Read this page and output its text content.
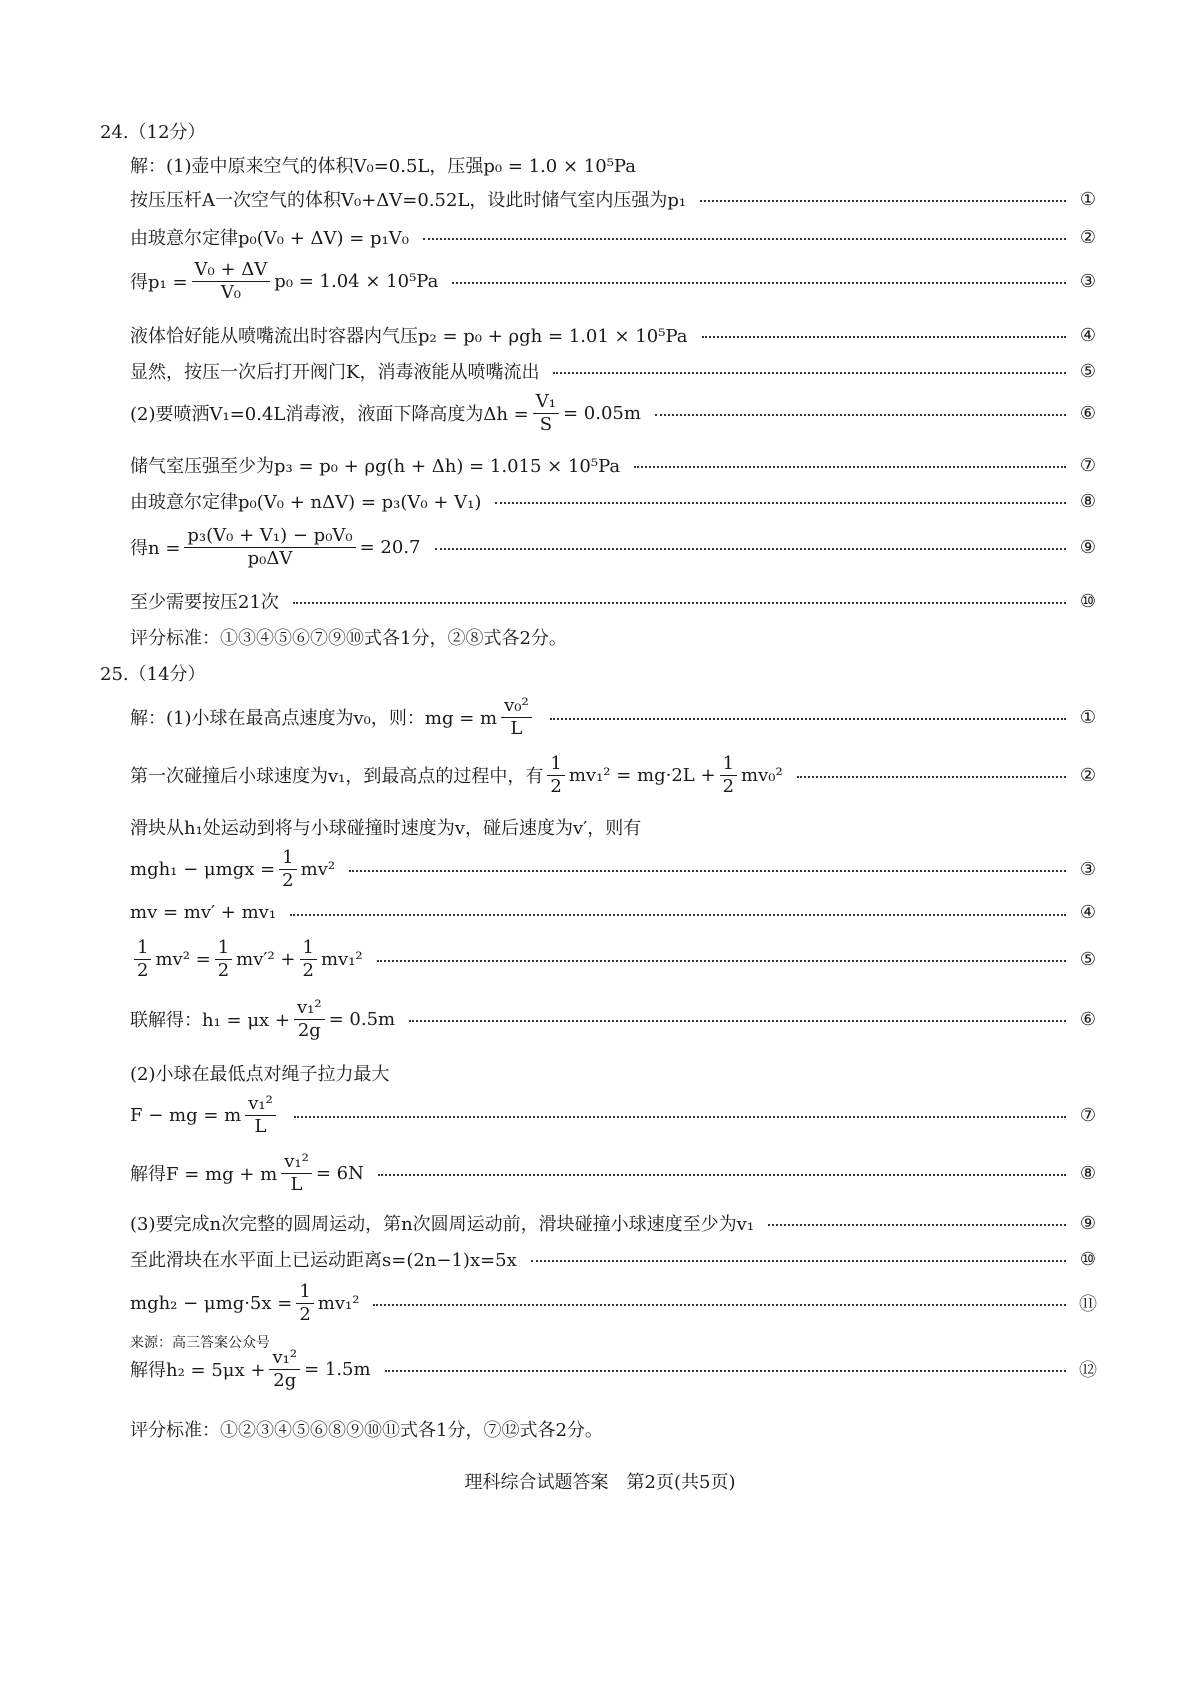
24.（12分）
解：(1)壶中原来空气的体积V₀=0.5L，压强p₀ = 1.0 × 10⁵Pa
按压压杆A一次空气的体积V₀+ΔV=0.52L，设此时储气室内压强为p₁	①
由玻意尔定律p₀(V₀ + ΔV) = p₁V₀	②
得$p_1 = \frac{\text{V₀ + ΔV}}{\text{V₀}} p_0 = 1.04 \times 10^5Pa$	③
液体恰好能从喷嘴流出时容器内气压p₂ = p₀ + ρgh = 1.01 × 10⁵Pa	④
显然，按压一次后打开阀门K，消毒液能从喷嘴流出	⑤
(2)要喷洒V₁=0.4L消毒液，液面下降高度为$\Delta h = \frac{\text{V₁}}{S} = 0.05m$	⑥
储气室压强至少为p₃ = p₀ + ρg(h + Δh) = 1.015 × 10⁵Pa	⑦
由玻意尔定律p₀(V₀ + nΔV) = p₃(V₀ + V₁)	⑧
得$n = \frac{\text{p₃(V₀ + V₁) − p₀V₀}}{\text{p₀ΔV}} = 20.7$	⑨
至少需要按压21次	⑩
评分标准：①③④⑤⑥⑦⑨⑩式各1分，②⑧式各2分。
25.（14分）
解：(1)小球在最高点速度为v₀，则：mg = m $\frac{\text{v₀²}}{L}$	①
第一次碰撞后小球速度为v₁，到最高点的过程中，有 $\frac{1}{2} mv_1^2 = mg\cdot 2L + \frac{1}{2} mv_0^2$	②
滑块从h₁处运动到将与小球碰撞时速度为v，碰后速度为v′，则有
$mgh_1 - \mu mgx = \frac{1}{2} mv^2$	③
mv = mv′ + mv₁	④
$\frac{1}{2} mv^2 = \frac{1}{2} mv'^2 + \frac{1}{2} mv_1^2$	⑤
联解得：$h_1 = \mu x + \frac{\text{v₁²}}{2g} = 0.5m$	⑥
(2)小球在最低点对绳子拉力最大
F − mg = m $\frac{\text{v₁²}}{L}$	⑦
解得F = mg + m $\frac{\text{v₁²}}{L} = 6N$	⑧
(3)要完成n次完整的圆周运动，第n次圆周运动前，滑块碰撞小球速度至少为v₁	⑨
至此滑块在水平面上已运动距离s=(2n−1)x=5x	⑩
$mgh_2 - \mu mg\cdot 5x = \frac{1}{2} mv_1^2$	⑪
来源：高三答案公众号
解得$h_2 = 5\mu x + \frac{\text{v₁²}}{2g} = 1.5m$	⑫
评分标准：①②③④⑤⑥⑧⑨⑩⑪式各1分，⑦⑫式各2分。
理科综合试题答案　第2页(共5页)
